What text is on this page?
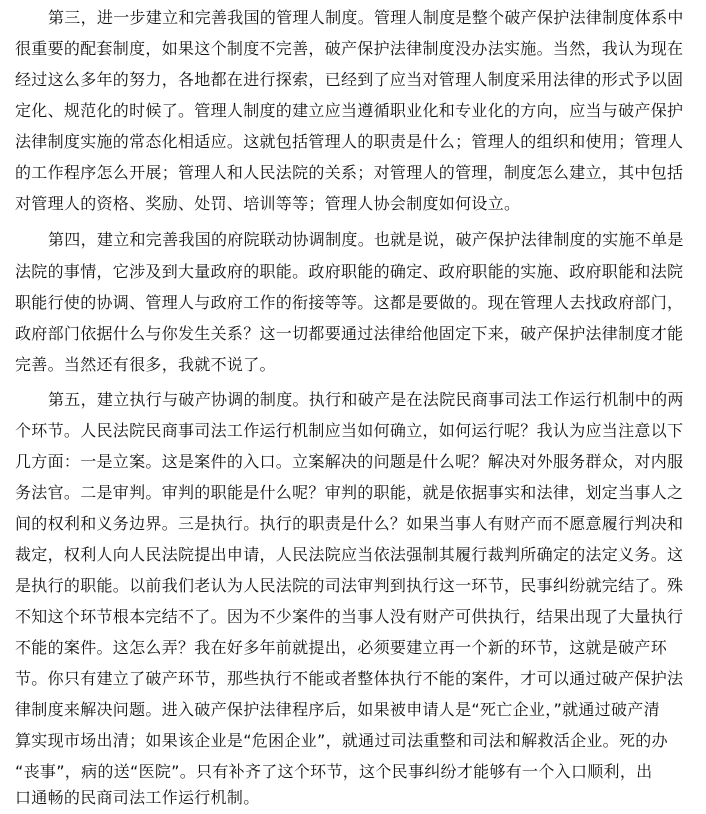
第三，进一步建立和完善我国的管理人制度。管理人制度是整个破产保护法律制度体系中
很重要的配套制度，如果这个制度不完善，破产保护法律制度没办法实施。当然，我认为现在
经过这么多年的努力，各地都在进行探索，已经到了应当对管理人制度采用法律的形式予以固
定化、规范化的时候了。管理人制度的建立应当遵循职业化和专业化的方向，应当与破产保护
法律制度实施的常态化相适应。这就包括管理人的职责是什么；管理人的组织和使用；管理人
的工作程序怎么开展；管理人和人民法院的关系；对管理人的管理，制度怎么建立，其中包括
对管理人的资格、奖励、处罚、培训等等；管理人协会制度如何设立。
第四，建立和完善我国的府院联动协调制度。也就是说，破产保护法律制度的实施不单是
法院的事情，它涉及到大量政府的职能。政府职能的确定、政府职能的实施、政府职能和法院
职能行使的协调、管理人与政府工作的衔接等等。这都是要做的。现在管理人去找政府部门，
政府部门依据什么与你发生关系？这一切都要通过法律给他固定下来，破产保护法律制度才能
完善。当然还有很多，我就不说了。
第五，建立执行与破产协调的制度。执行和破产是在法院民商事司法工作运行机制中的两
个环节。人民法院民商事司法工作运行机制应当如何确立，如何运行呢？我认为应当注意以下
几方面：一是立案。这是案件的入口。立案解决的问题是什么呢？解决对外服务群众，对内服
务法官。二是审判。审判的职能是什么呢？审判的职能，就是依据事实和法律，划定当事人之
间的权利和义务边界。三是执行。执行的职责是什么？如果当事人有财产而不愿意履行判决和
裁定，权利人向人民法院提出申请，人民法院应当依法强制其履行裁判所确定的法定义务。这
是执行的职能。以前我们老认为人民法院的司法审判到执行这一环节，民事纠纷就完结了。殊
不知这个环节根本完结不了。因为不少案件的当事人没有财产可供执行，结果出现了大量执行
不能的案件。这怎么弄？我在好多年前就提出，必须要建立再一个新的环节，这就是破产环
节。你只有建立了破产环节，那些执行不能或者整体执行不能的案件，才可以通过破产保护法
律制度来解决问题。进入破产保护法律程序后，如果被申请人是“死亡企业，”就通过破产清
算实现市场出清；如果该企业是“危困企业”，就通过司法重整和司法和解救活企业。死的办
“丧事”，病的送“医院”。只有补齐了这个环节，这个民事纠纷才能够有一个入口顺利，出
口通畅的民商司法工作运行机制。
